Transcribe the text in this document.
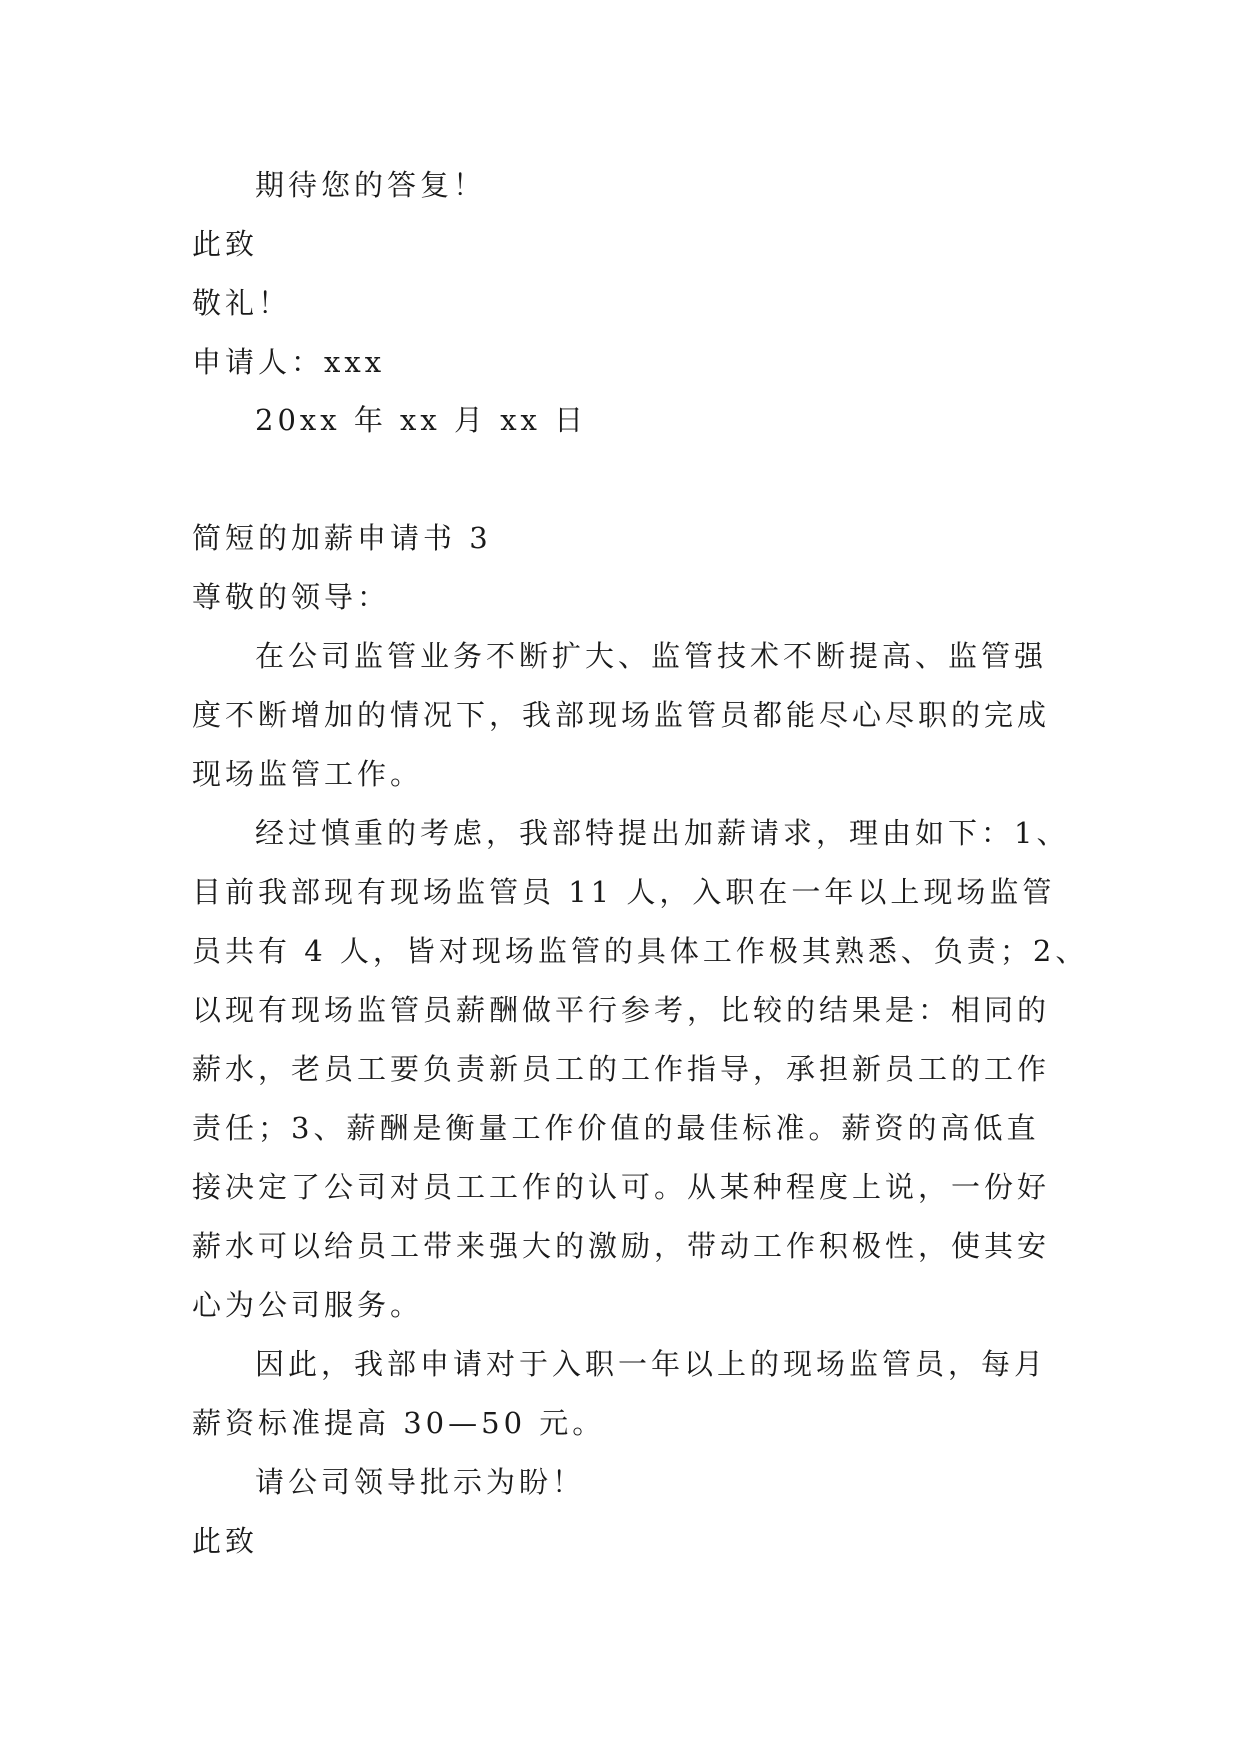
期待您的答复！

此致

敬礼！

申请人：xxx

20xx 年 xx 月 xx 日

简短的加薪申请书 3

尊敬的领导：

在公司监管业务不断扩大、监管技术不断提高、监管强

度不断增加的情况下，我部现场监管员都能尽心尽职的完成

现场监管工作。

经过慎重的考虑，我部特提出加薪请求，理由如下：1、

目前我部现有现场监管员 11 人，入职在一年以上现场监管

员共有 4 人，皆对现场监管的具体工作极其熟悉、负责；2、

以现有现场监管员薪酬做平行参考，比较的结果是：相同的

薪水，老员工要负责新员工的工作指导，承担新员工的工作

责任；3、薪酬是衡量工作价值的最佳标准。薪资的高低直

接决定了公司对员工工作的认可。从某种程度上说，一份好

薪水可以给员工带来强大的激励，带动工作积极性，使其安

心为公司服务。

因此，我部申请对于入职一年以上的现场监管员，每月

薪资标准提高 30—50 元。

请公司领导批示为盼！

此致
